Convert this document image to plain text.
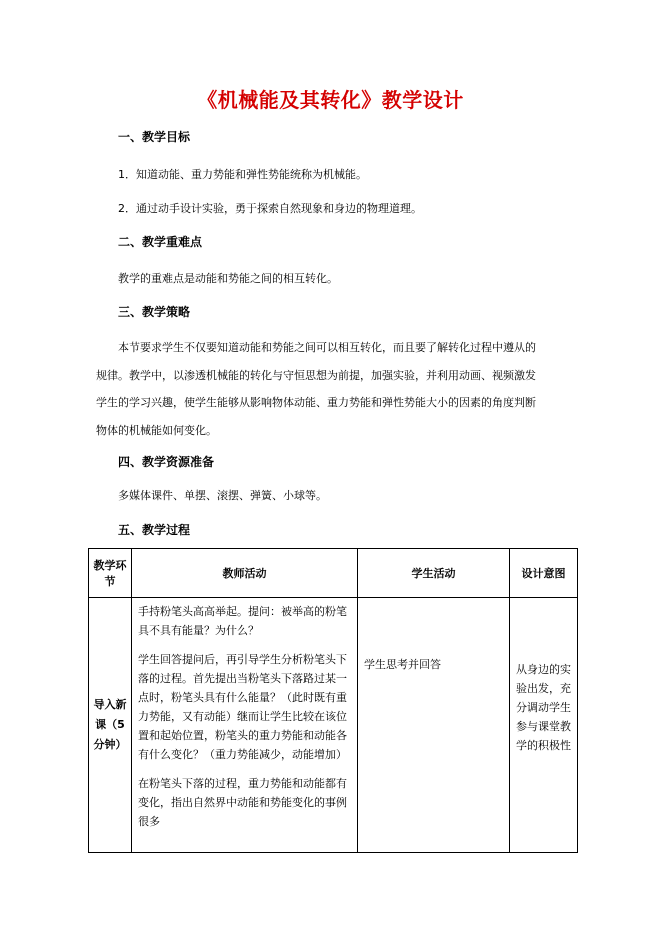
《机械能及其转化》教学设计
一、教学目标
1．知道动能、重力势能和弹性势能统称为机械能。
2．通过动手设计实验，勇于探索自然现象和身边的物理道理。
二、教学重难点
教学的重难点是动能和势能之间的相互转化。
三、教学策略
本节要求学生不仅要知道动能和势能之间可以相互转化，而且要了解转化过程中遵从的
规律。教学中，以渗透机械能的转化与守恒思想为前提，加强实验，并利用动画、视频激发
学生的学习兴趣，使学生能够从影响物体动能、重力势能和弹性势能大小的因素的角度判断
物体的机械能如何变化。
四、教学资源准备
多媒体课件、单摆、滚摆、弹簧、小球等。
五、教学过程
教学环节	教师活动	学生活动	设计意图
导入新课（5分钟）	手持粉笔头高高举起。提问：被举高的粉笔具不具有能量？为什么？

学生回答提问后，再引导学生分析粉笔头下落的过程。首先提出当粉笔头下落路过某一点时，粉笔头具有什么能量？（此时既有重力势能，又有动能）继而让学生比较在该位置和起始位置，粉笔头的重力势能和动能各有什么变化？（重力势能减少，动能增加）

在粉笔头下落的过程，重力势能和动能都有变化，指出自然界中动能和势能变化的事例很多	学生思考并回答	从身边的实验出发，充分调动学生参与课堂教学的积极性
